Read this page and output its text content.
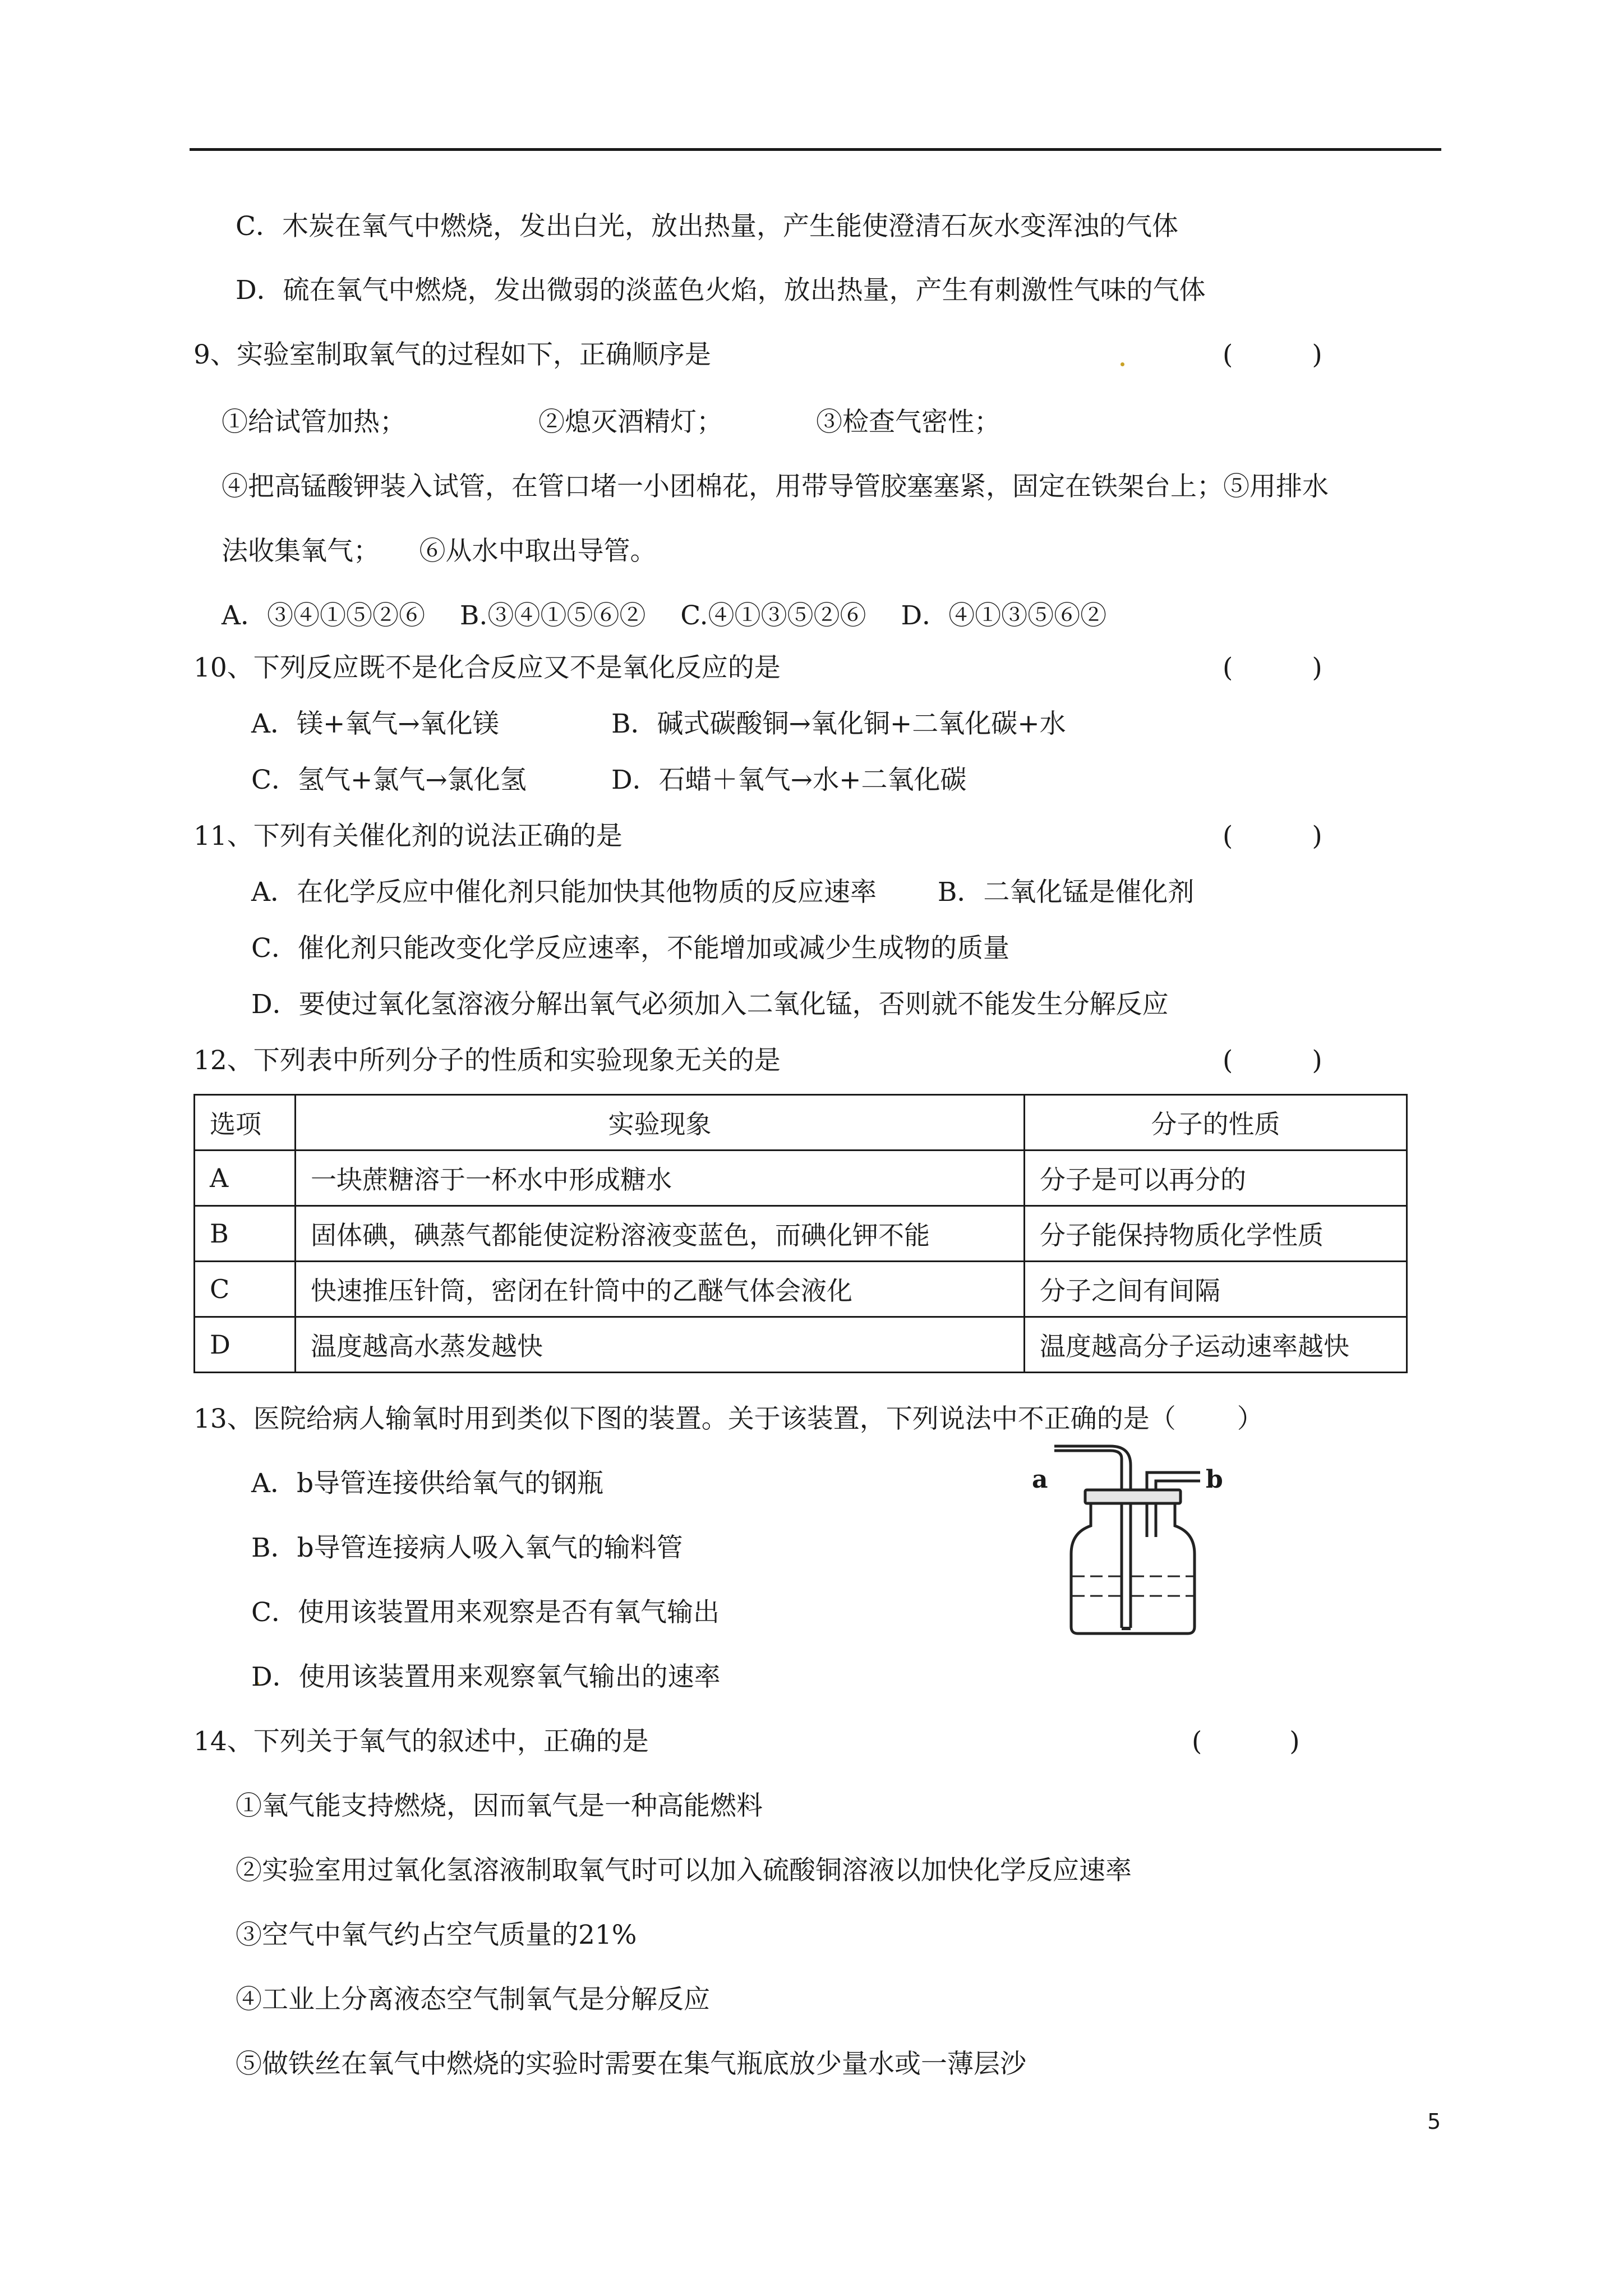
C．木炭在氧气中燃烧，发出白光，放出热量，产生能使澄清石灰水变浑浊的气体
D．硫在氧气中燃烧，发出微弱的淡蓝色火焰，放出热量，产生有刺激性气味的气体
9、实验室制取氧气的过程如下，正确顺序是	(　　　)
①给试管加热；	②熄灭酒精灯；	③检查气密性；
④把高锰酸钾装入试管，在管口堵一小团棉花，用带导管胶塞塞紧，固定在铁架台上；⑤用排水
法收集氧气；　　⑥从水中取出导管。
A．③④①⑤②⑥　 B.③④①⑤⑥②　 C.④①③⑤②⑥　 D．④①③⑤⑥②
10、下列反应既不是化合反应又不是氧化反应的是	(　　　)
A．镁+氧气→氧化镁	B．碱式碳酸铜→氧化铜+二氧化碳+水
C．氢气+氯气→氯化氢	D．石蜡＋氧气→水+二氧化碳
11、下列有关催化剂的说法正确的是	(　　　)
A．在化学反应中催化剂只能加快其他物质的反应速率　　 B．二氧化锰是催化剂
C．催化剂只能改变化学反应速率，不能增加或减少生成物的质量
D．要使过氧化氢溶液分解出氧气必须加入二氧化锰，否则就不能发生分解反应
12、下列表中所列分子的性质和实验现象无关的是	(　　　)
选项	实验现象	分子的性质
A	一块蔗糖溶于一杯水中形成糖水	分子是可以再分的
B	固体碘，碘蒸气都能使淀粉溶液变蓝色，而碘化钾不能	分子能保持物质化学性质
C	快速推压针筒，密闭在针筒中的乙醚气体会液化	分子之间有间隔
D	温度越高水蒸发越快	温度越高分子运动速率越快
13、医院给病人输氧时用到类似下图的装置。关于该装置，下列说法中不正确的是（　　 ）
A．b导管连接供给氧气的钢瓶
B．b导管连接病人吸入氧气的输料管
C．使用该装置用来观察是否有氧气输出
D．使用该装置用来观察氧气输出的速率
a	b
14、下列关于氧气的叙述中，正确的是	(　　　 )
①氧气能支持燃烧，因而氧气是一种高能燃料
②实验室用过氧化氢溶液制取氧气时可以加入硫酸铜溶液以加快化学反应速率
③空气中氧气约占空气质量的21%
④工业上分离液态空气制氧气是分解反应
⑤做铁丝在氧气中燃烧的实验时需要在集气瓶底放少量水或一薄层沙
5
